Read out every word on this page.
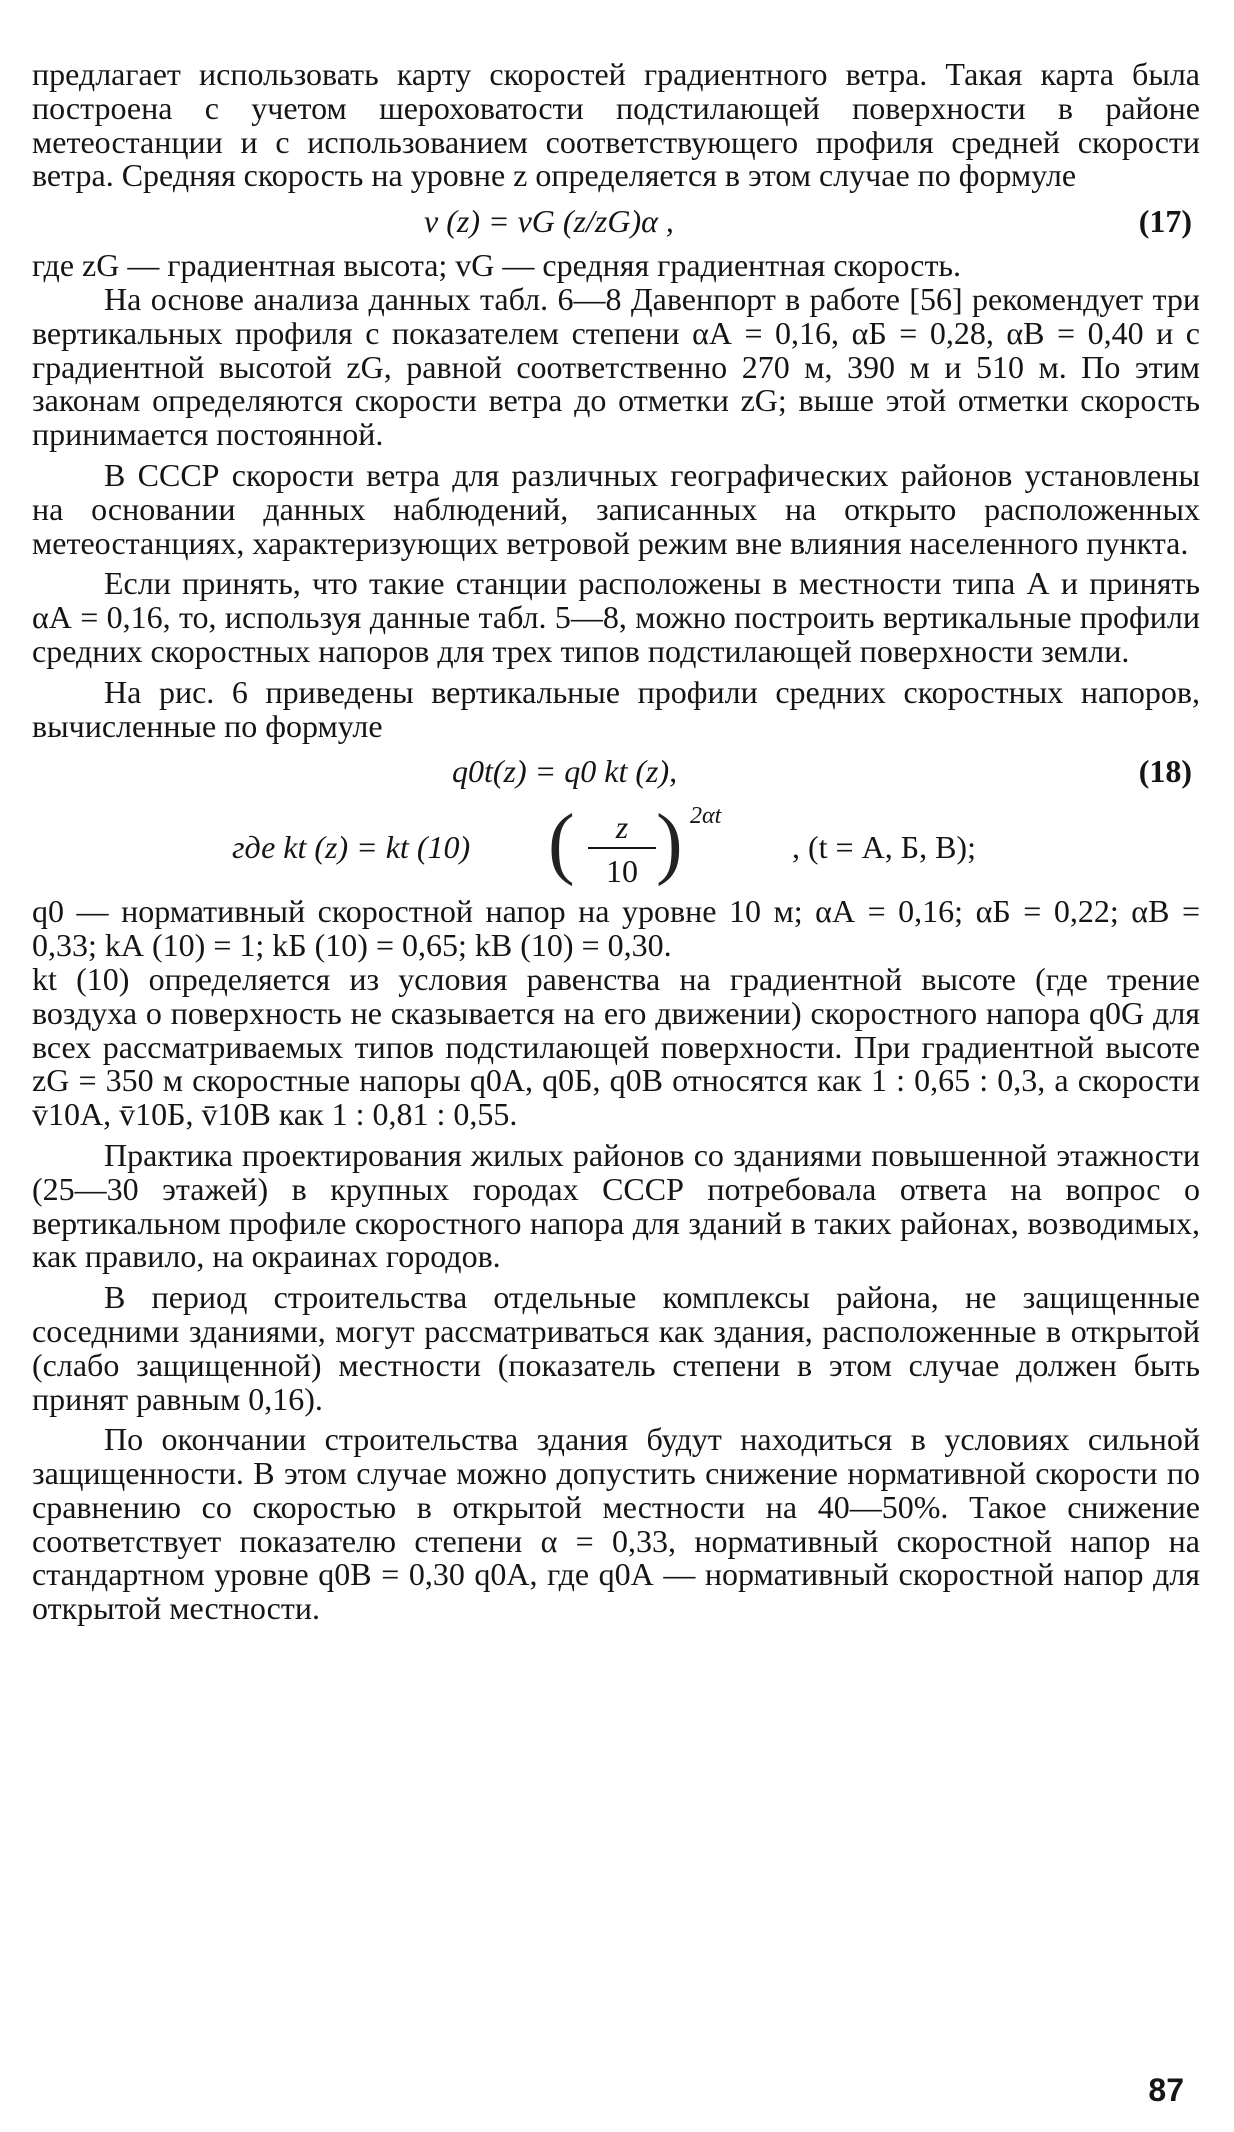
предлагает использовать карту скоростей градиентного ветра. Такая карта была построена с учетом шероховатости подстилающей поверхности в районе метеостанции и с использованием соответствующего профиля средней скорости ветра. Средняя скорость на уровне z определяется в этом случае по формуле

v (z) = vG (z/zG)α ,	(17)

где zG — градиентная высота; vG — средняя градиентная скорость.

На основе анализа данных табл. 6—8 Давенпорт в работе [56] рекомендует три вертикальных профиля с показателем степени αА = 0,16, αБ = 0,28, αВ = 0,40 и с градиентной высотой zG, равной соответственно 270 м, 390 м и 510 м. По этим законам определяются скорости ветра до отметки zG; выше этой отметки скорость принимается постоянной.

В СССР скорости ветра для различных географических районов установлены на основании данных наблюдений, записанных на открыто расположенных метеостанциях, характеризующих ветровой режим вне влияния населенного пункта.

Если принять, что такие станции расположены в местности типа А и принять αА = 0,16, то, используя данные табл. 5—8, можно построить вертикальные профили средних скоростных напоров для трех типов подстилающей поверхности земли.

На рис. 6 приведены вертикальные профили средних скоростных напоров, вычисленные по формуле

q0t(z) = q0 kt (z),	(18)
где kt (z) = kt (10) (	z
10 ) 2αt
, (t = А, Б, В);

q0 — нормативный скоростной напор на уровне 10 м; αА = 0,16; αБ = 0,22; αВ = 0,33; kА (10) = 1; kБ (10) = 0,65; kВ (10) = 0,30.

kt (10) определяется из условия равенства на градиентной высоте (где трение воздуха о поверхность не сказывается на его движении) скоростного напора q0G для всех рассматриваемых типов подстилающей поверхности. При градиентной высоте zG = 350 м скоростные напоры q0А, q0Б, q0В относятся как 1 : 0,65 : 0,3, а скорости v̄10А, v̄10Б, v̄10В как 1 : 0,81 : 0,55.

Практика проектирования жилых районов со зданиями повышенной этажности (25—30 этажей) в крупных городах СССР потребовала ответа на вопрос о вертикальном профиле скоростного напора для зданий в таких районах, возводимых, как правило, на окраинах городов.

В период строительства отдельные комплексы района, не защищенные соседними зданиями, могут рассматриваться как здания, расположенные в открытой (слабо защищенной) местности (показатель степени в этом случае должен быть принят равным 0,16).

По окончании строительства здания будут находиться в условиях сильной защищенности. В этом случае можно допустить снижение нормативной скорости по сравнению со скоростью в открытой местности на 40—50%. Такое снижение соответствует показателю степени α = 0,33, нормативный скоростной напор на стандартном уровне q0В = 0,30 q0А, где q0А — нормативный скоростной напор для открытой местности.

87
